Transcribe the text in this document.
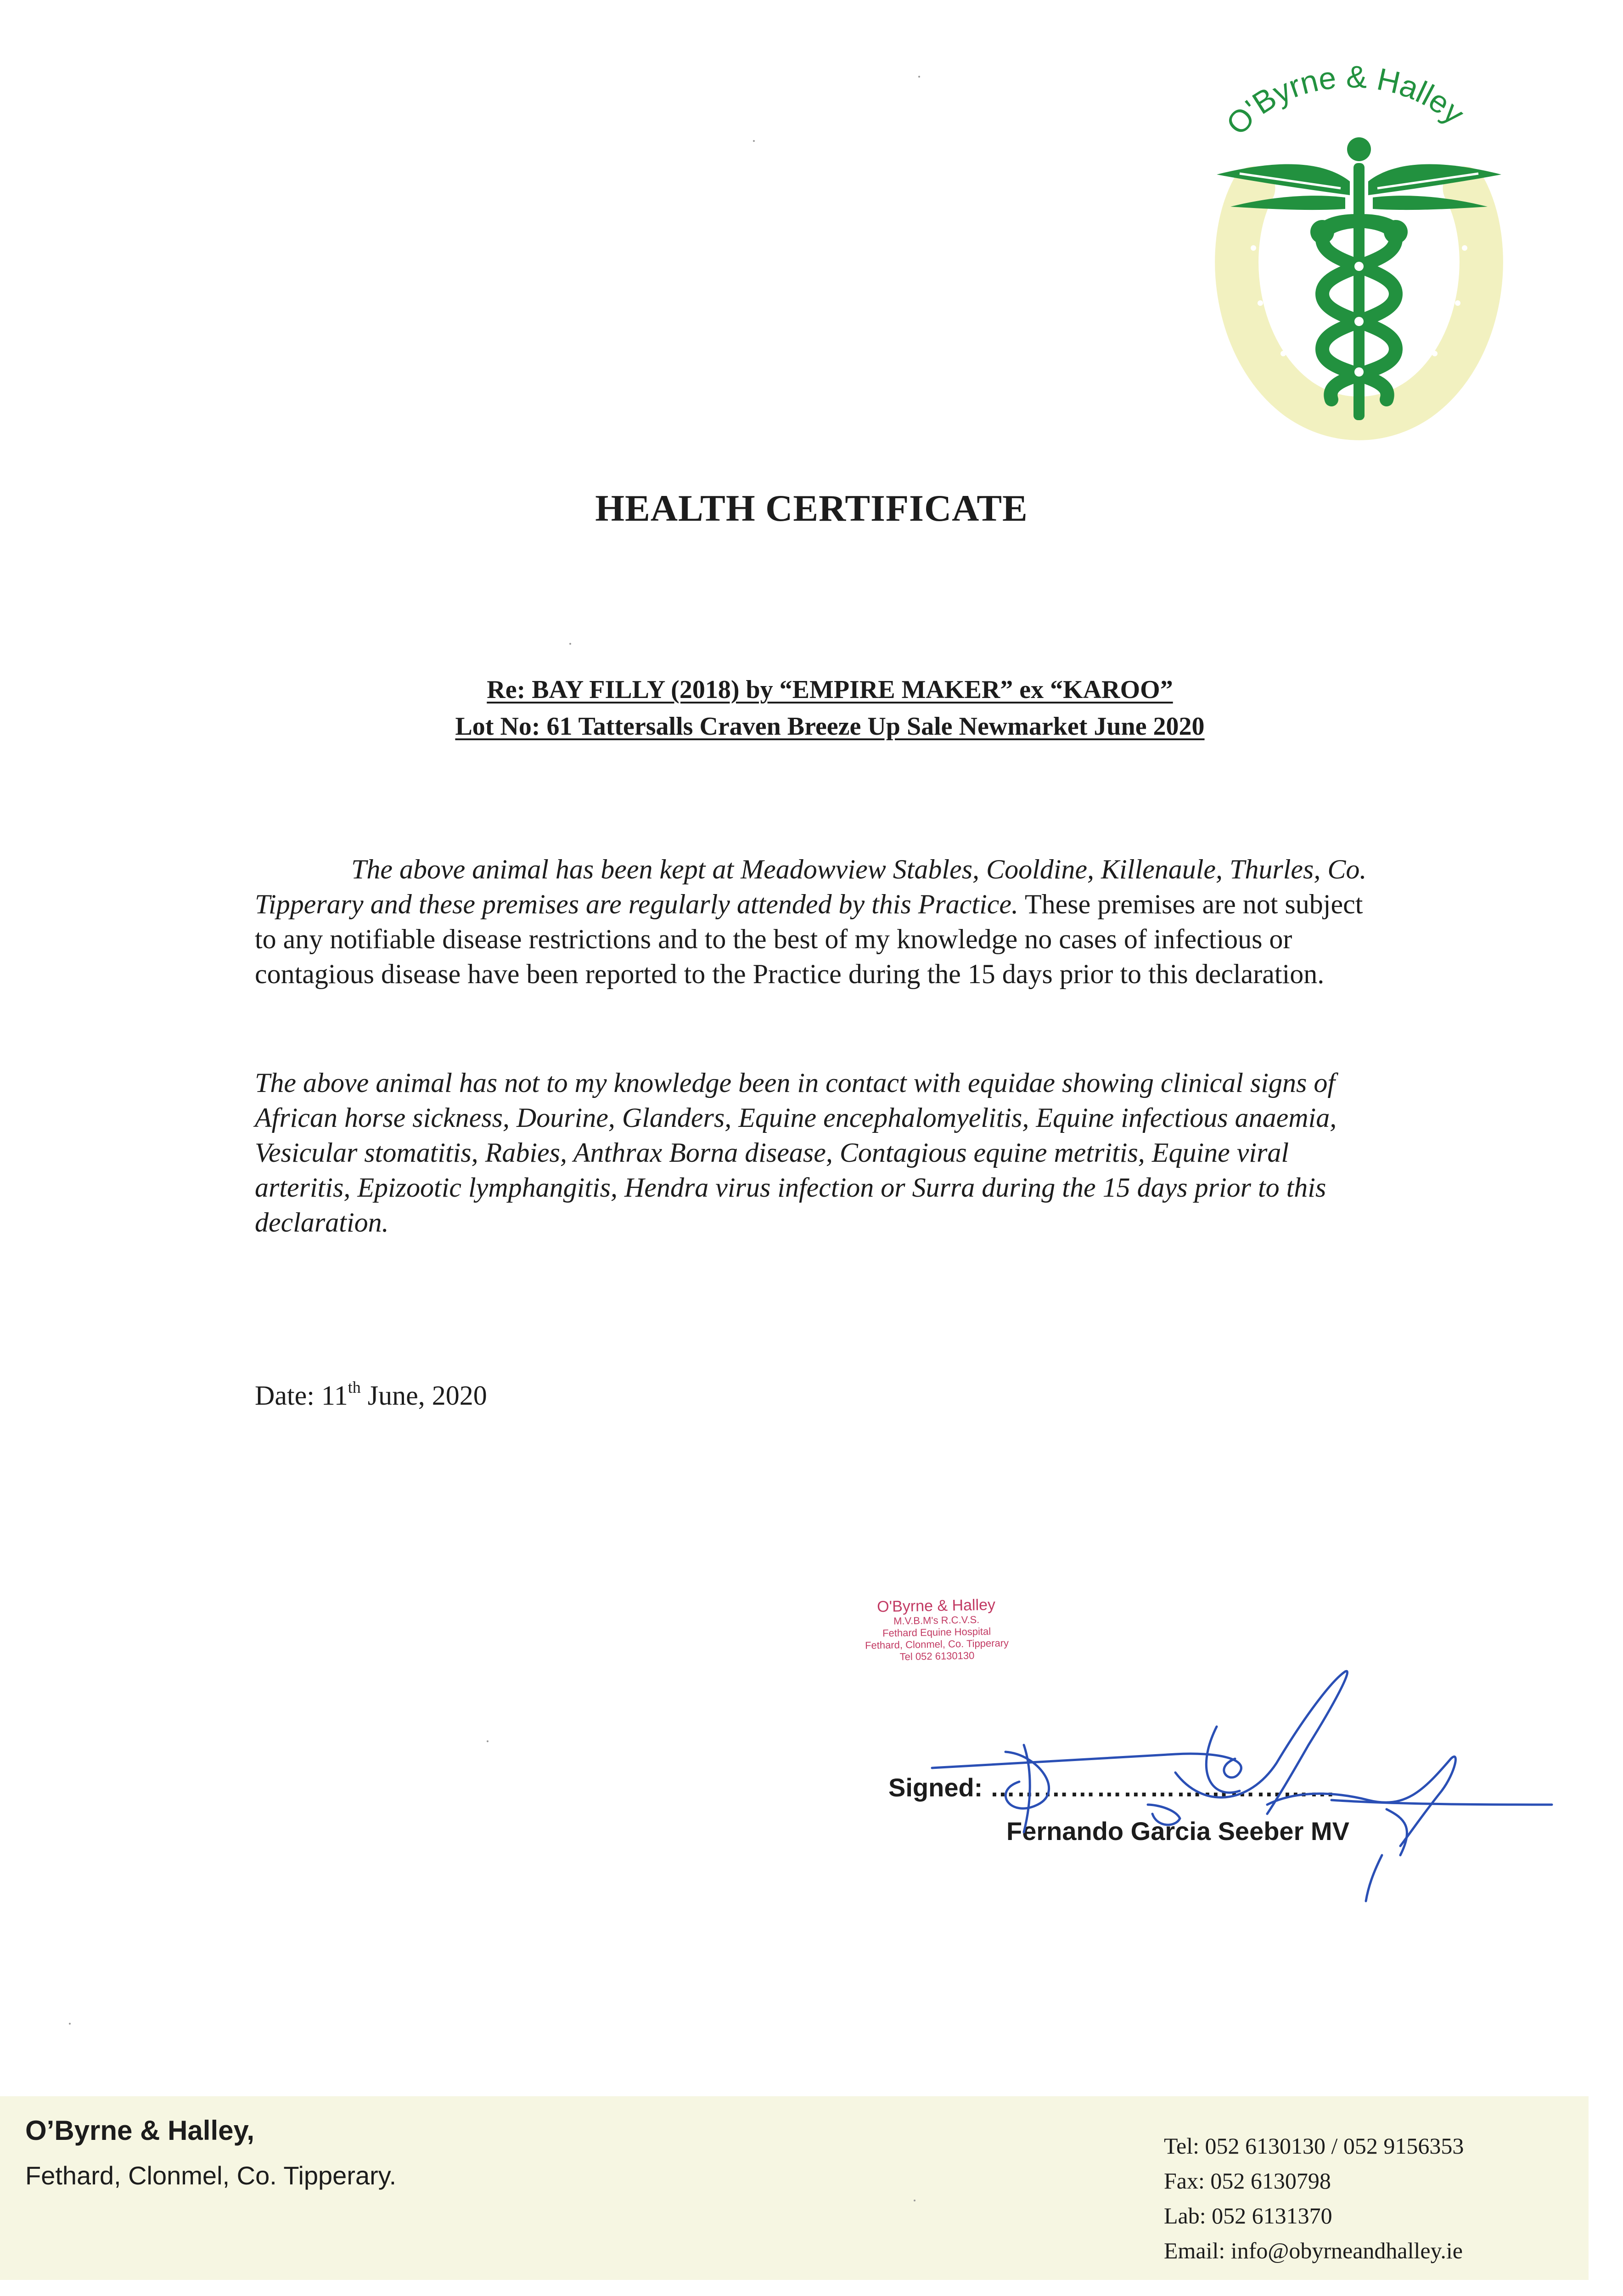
O'Byrne & Halley
HEALTH CERTIFICATE
Re: BAY FILLY (2018) by “EMPIRE MAKER” ex “KAROO”
Lot No: 61 Tattersalls Craven Breeze Up Sale Newmarket June 2020
The above animal has been kept at Meadowview Stables, Cooldine, Killenaule, Thurles, Co. Tipperary and these premises are regularly attended by this Practice. These premises are not subject to any notifiable disease restrictions and to the best of my knowledge no cases of infectious or contagious disease have been reported to the Practice during the 15 days prior to this declaration.
The above animal has not to my knowledge been in contact with equidae showing clinical signs of African horse sickness, Dourine, Glanders, Equine encephalomyelitis, Equine infectious anaemia, Vesicular stomatitis, Rabies, Anthrax Borna disease, Contagious equine metritis, Equine viral arteritis, Epizootic lymphangitis, Hendra virus infection or Surra during the 15 days prior to this declaration.
Date: 11th June, 2020
O'Byrne & Halley
M.V.B.M's R.C.V.S.
Fethard Equine Hospital
Fethard, Clonmel, Co. Tipperary
Tel 052 6130130
Signed: …………………………………
Fernando Garcia Seeber MV
O’Byrne & Halley,
Fethard, Clonmel, Co. Tipperary.
Tel: 052 6130130 / 052 9156353
Fax: 052 6130798
Lab: 052 6131370
Email: info@obyrneandhalley.ie
